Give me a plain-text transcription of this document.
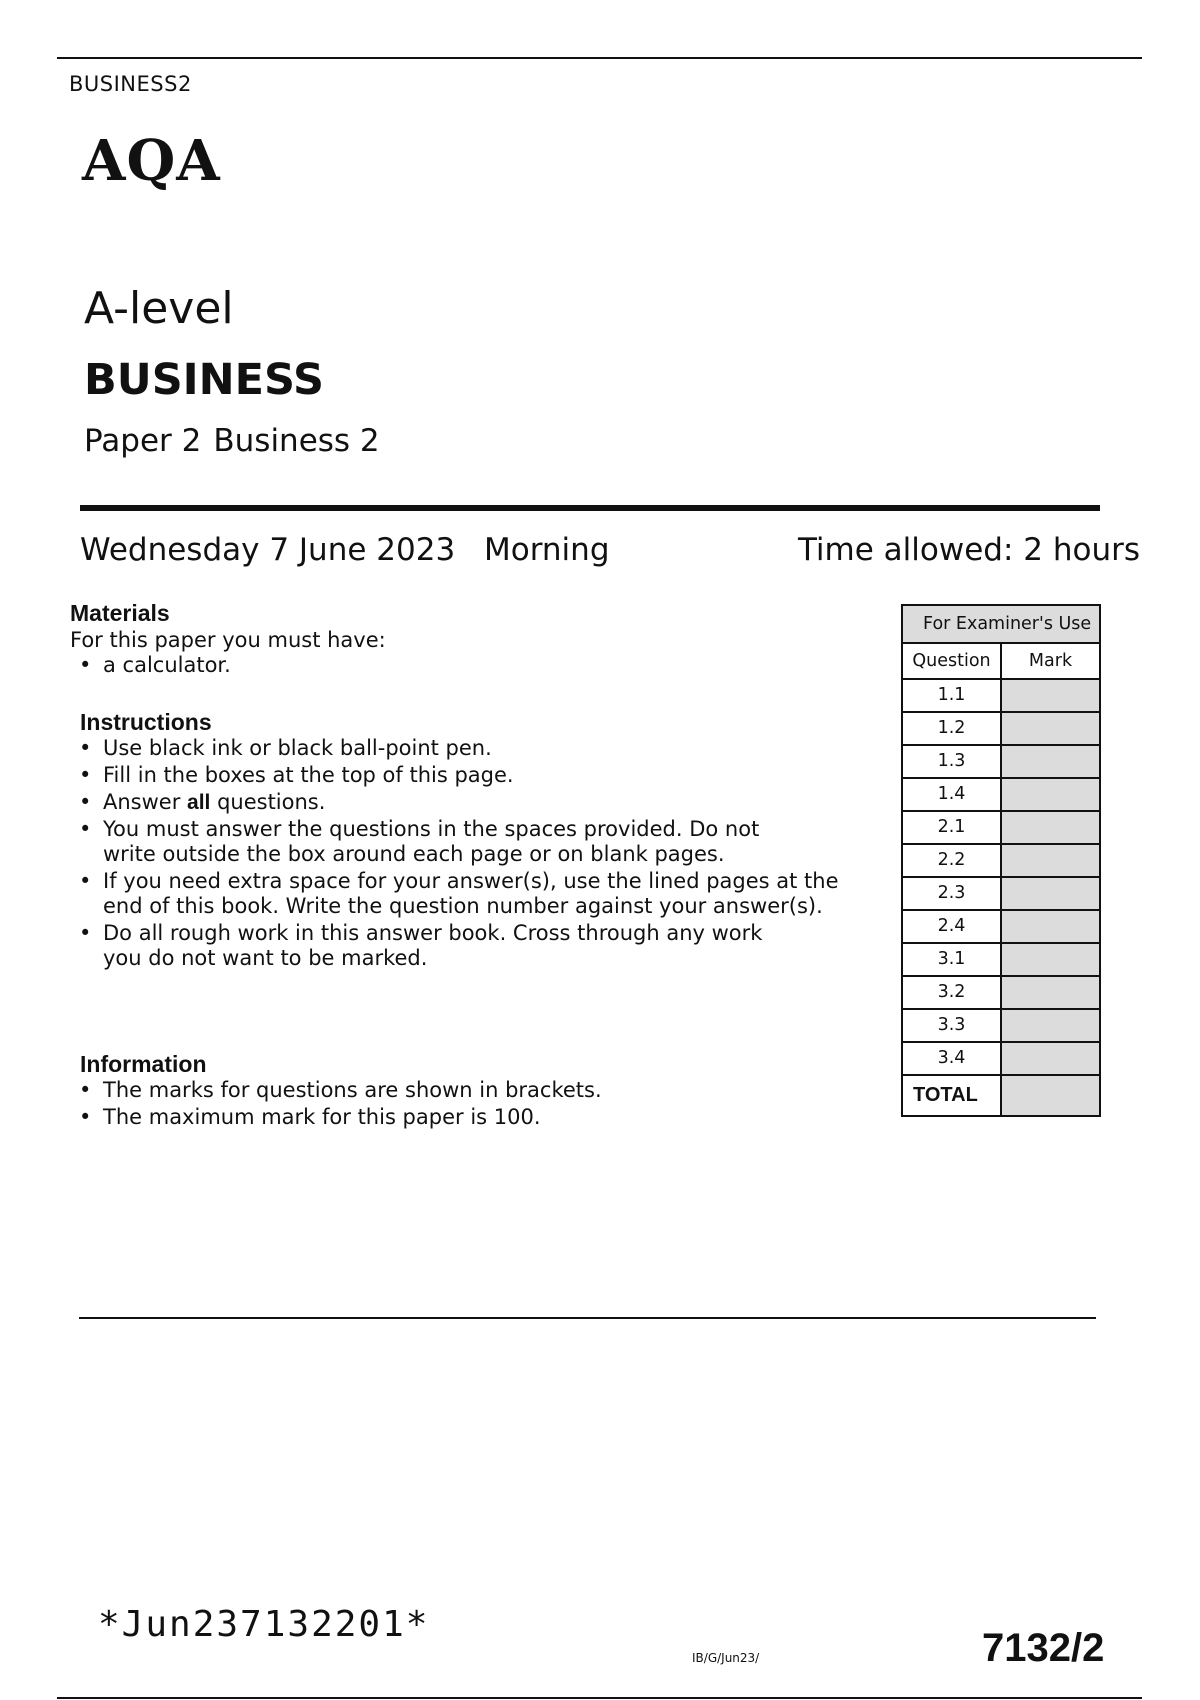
BUSINESS2
AQA
A-level
BUSINESS
Paper 2 Business 2
Wednesday 7 June 2023 Morning	Time allowed: 2 hours
Materials

For this paper you must have:

• a calculator.
Instructions
• Use black ink or black ball-point pen.
• Fill in the boxes at the top of this page.
• Answer all questions.
• You must answer the questions in the spaces provided. Do not write outside the box around each page or on blank pages.
• If you need extra space for your answer(s), use the lined pages at the end of this book. Write the question number against your answer(s).
• Do all rough work in this answer book. Cross through any work you do not want to be marked.
Information
• The marks for questions are shown in brackets.
• The maximum mark for this paper is 100.
For Examiner's Use
Question	Mark
1.1
1.2
1.3
1.4
2.1
2.2
2.3
2.4
3.1
3.2
3.3
3.4
TOTAL
*Jun237132201*
IB/G/Jun23/	7132/2
